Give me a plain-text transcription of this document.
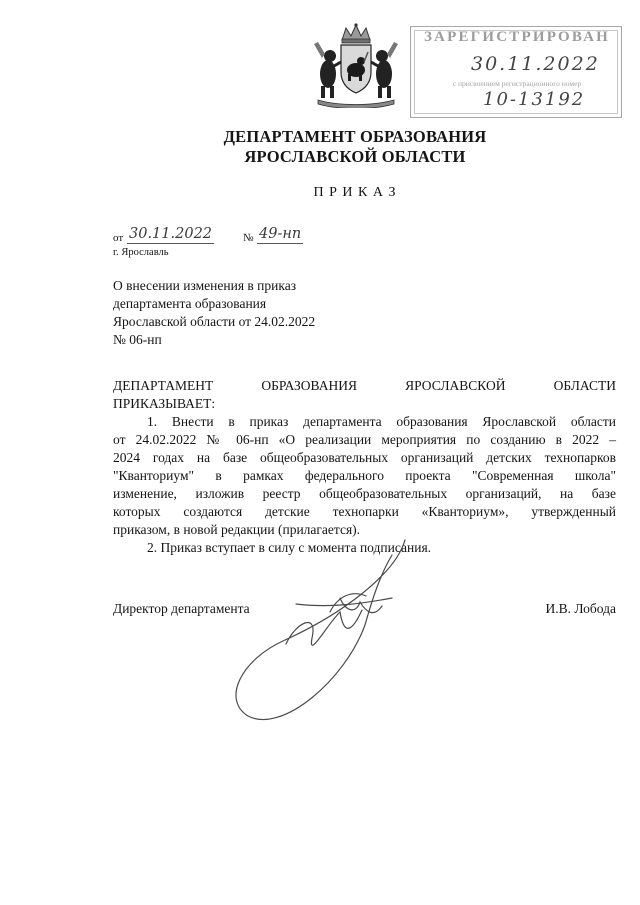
ЗАРЕГИСТРИРОВАН
30.11.2022
с присвоением регистрационного номер
10-13192
ДЕПАРТАМЕНТ ОБРАЗОВАНИЯ
ЯРОСЛАВСКОЙ ОБЛАСТИ
П Р И К А З
от 30.11.2022	№ 49-нп
г. Ярославль
О внесении изменения в приказ
департамента образования
Ярославской области от 24.02.2022
№ 06-нп
ДЕПАРТАМЕНТ ОБРАЗОВАНИЯ ЯРОСЛАВСКОЙ ОБЛАСТИ
ПРИКАЗЫВАЕТ:
1. Внести в приказ департамента образования Ярославской области
от 24.02.2022 № 06-нп «О реализации мероприятия по созданию в 2022 –
2024 годах на базе общеобразовательных организаций детских технопарков
"Кванториум" в рамках федерального проекта "Современная школа"
изменение, изложив реестр общеобразовательных организаций, на базе
которых создаются детские технопарки «Кванториум», утвержденный
приказом, в новой редакции (прилагается).
2. Приказ вступает в силу с момента подписания.
Директор департамента	И.В. Лобода
